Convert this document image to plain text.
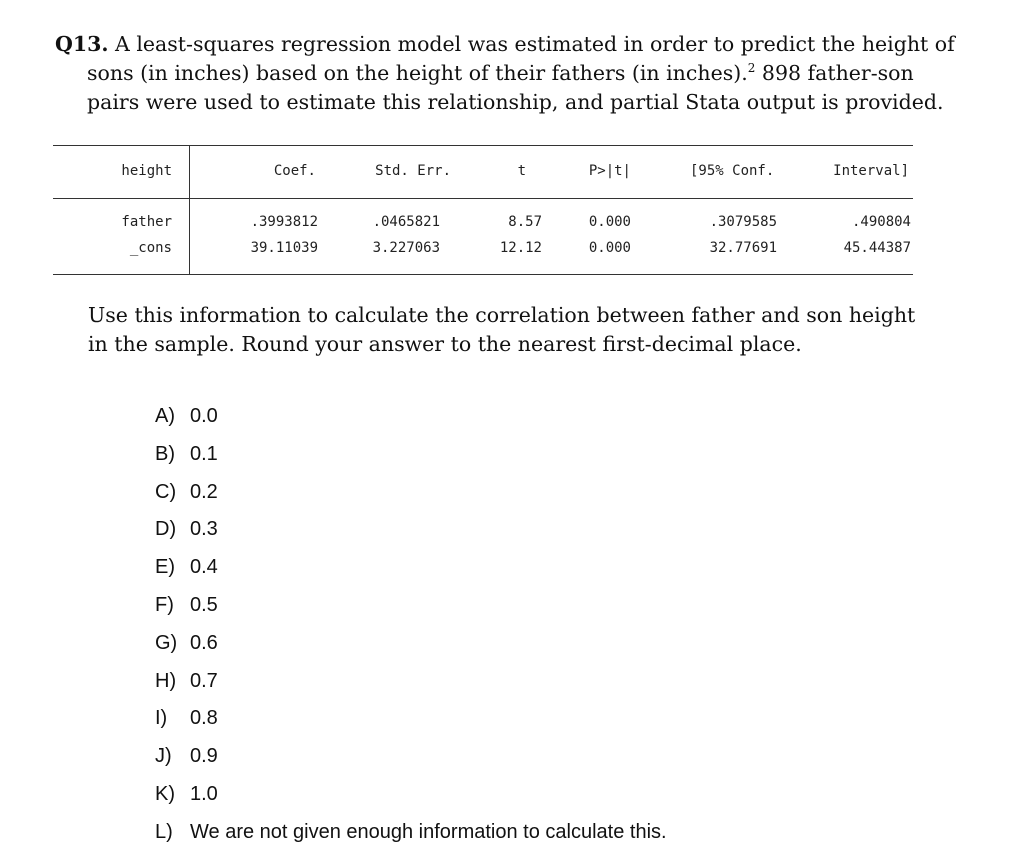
Q13. A least-squares regression model was estimated in order to predict the height of sons (in inches) based on the height of their fathers (in inches).$^2$ 898 father-son pairs were used to estimate this relationship, and partial Stata output is provided.
height	Coef.	Std. Err.	t	P>|t|	[95% Conf.	Interval]
father	.3993812	.0465821	8.57	0.000	.3079585	.490804
_cons	39.11039	3.227063	12.12	0.000	32.77691	45.44387
Use this information to calculate the correlation between father and son height in the sample. Round your answer to the nearest first-decimal place.
A) 0.0
B) 0.1
C) 0.2
D) 0.3
E) 0.4
F) 0.5
G) 0.6
H) 0.7
I) 0.8
J) 0.9
K) 1.0
L) We are not given enough information to calculate this.
